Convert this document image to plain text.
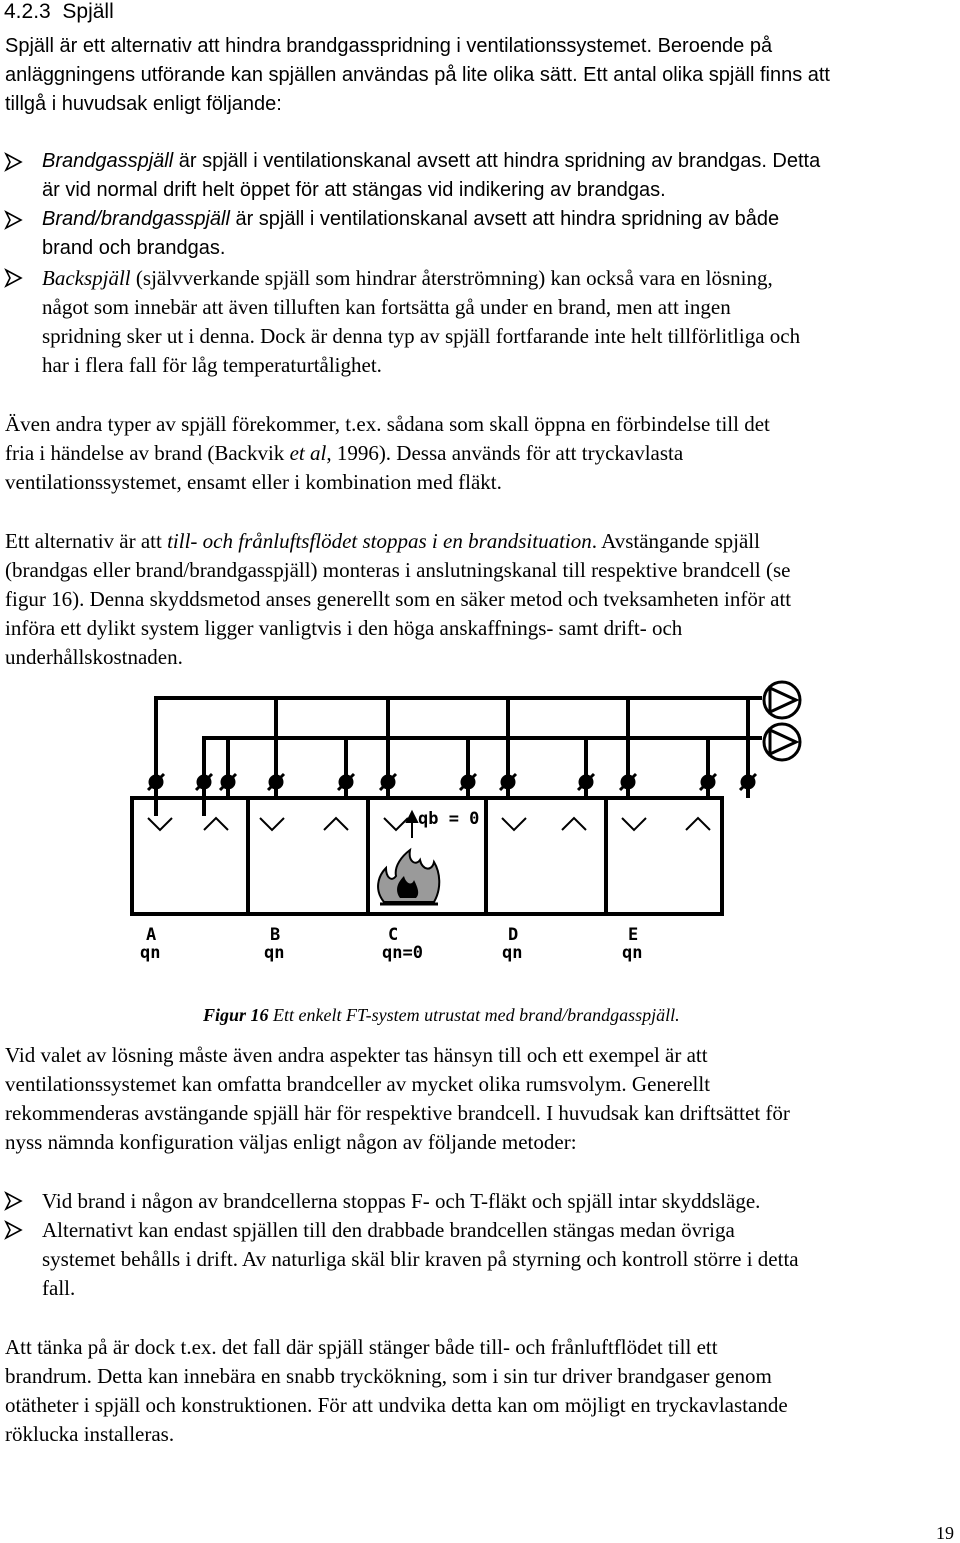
4.2.3 Spjäll
Spjäll är ett alternativ att hindra brandgasspridning i ventilationssystemet. Beroende på
anläggningens utförande kan spjällen användas på lite olika sätt. Ett antal olika spjäll finns att
tillgå i huvudsak enligt följande:
Brandgasspjäll är spjäll i ventilationskanal avsett att hindra spridning av brandgas. Detta
är vid normal drift helt öppet för att stängas vid indikering av brandgas.
Brand/brandgasspjäll är spjäll i ventilationskanal avsett att hindra spridning av både
brand och brandgas.
Backspjäll (självverkande spjäll som hindrar återströmning) kan också vara en lösning,
något som innebär att även tilluften kan fortsätta gå under en brand, men att ingen
spridning sker ut i denna. Dock är denna typ av spjäll fortfarande inte helt tillförlitliga och
har i flera fall för låg temperaturtålighet.
Även andra typer av spjäll förekommer, t.ex. sådana som skall öppna en förbindelse till det
fria i händelse av brand (Backvik et al, 1996). Dessa används för att tryckavlasta
ventilationssystemet, ensamt eller i kombination med fläkt.
Ett alternativ är att till- och frånluftsflödet stoppas i en brandsituation. Avstängande spjäll
(brandgas eller brand/brandgasspjäll) monteras i anslutningskanal till respektive brandcell (se
figur 16). Denna skyddsmetod anses generellt som en säker metod och tveksamheten inför att
införa ett dylikt system ligger vanligtvis i den höga anskaffnings- samt drift- och
underhållskostnaden.
qb = 0
A
qn
B
qn
C
qn=0
D
qn
E
qn
Figur 16 Ett enkelt FT-system utrustat med brand/brandgasspjäll.
Vid valet av lösning måste även andra aspekter tas hänsyn till och ett exempel är att
ventilationssystemet kan omfatta brandceller av mycket olika rumsvolym. Generellt
rekommenderas avstängande spjäll här för respektive brandcell. I huvudsak kan driftsättet för
nyss nämnda konfiguration väljas enligt någon av följande metoder:
Vid brand i någon av brandcellerna stoppas F- och T-fläkt och spjäll intar skyddsläge.
Alternativt kan endast spjällen till den drabbade brandcellen stängas medan övriga
systemet behålls i drift. Av naturliga skäl blir kraven på styrning och kontroll större i detta
fall.
Att tänka på är dock t.ex. det fall där spjäll stänger både till- och frånluftflödet till ett
brandrum. Detta kan innebära en snabb tryckökning, som i sin tur driver brandgaser genom
otätheter i spjäll och konstruktionen. För att undvika detta kan om möjligt en tryckavlastande
röklucka installeras.
19
